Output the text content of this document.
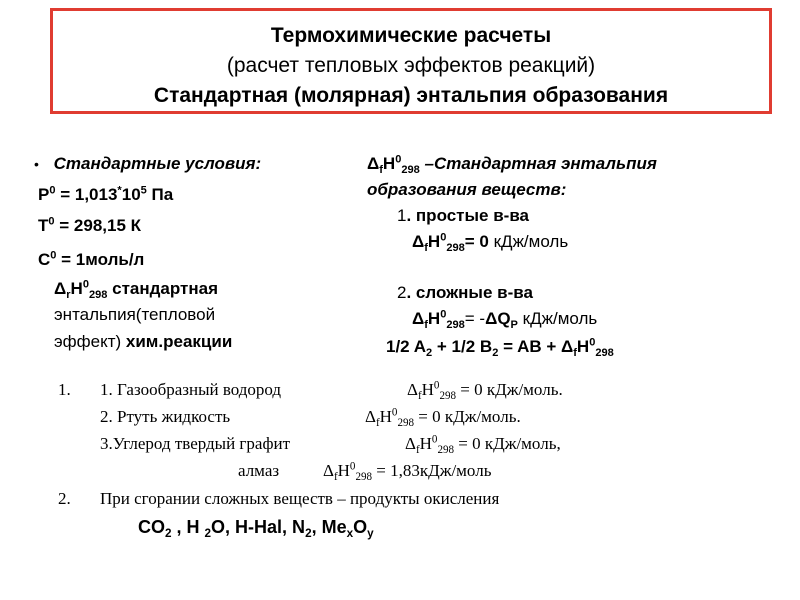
Термохимические расчеты
(расчет тепловых эффектов реакций)
Стандартная (молярная) энтальпия образования
• Стандартные условия:
$P^0 = 1,013^*10^5$ Па
$T^0 = 298,15$ К
$C^0$ = 1моль/л
$\Delta_rH^0_{298}$ стандартная
энтальпия(тепловой
эффект) хим.реакции
$\Delta_fH^0_{298}$ –Стандартная энтальпия
образования веществ:
1. простые в-ва
$\Delta_fH^0_{298}= 0$ кДж/моль
2. сложные в-ва
$\Delta_fH^0_{298}= -\Delta Q_P$ кДж/моль
1/2 $A_2 + 1/2$ $B_2$ = AB + $\Delta_fH^0_{298}$
1. 1. Газообразный водород	$\Delta_fH^0_{298} = 0$ кДж/моль.
2. Ртуть жидкость	$\Delta_fH^0_{298} = 0$ кДж/моль.
3.Углерод твердый графит	$\Delta_fH^0_{298} = 0$ кДж/моль,
алмаз	$\Delta_fH^0_{298}$ = 1,83кДж/моль
2. При сгорании сложных веществ – продукты окисления
$CO_2$ , H $_2$O, H-Hal, $N_2$, $Me_xO_y$
